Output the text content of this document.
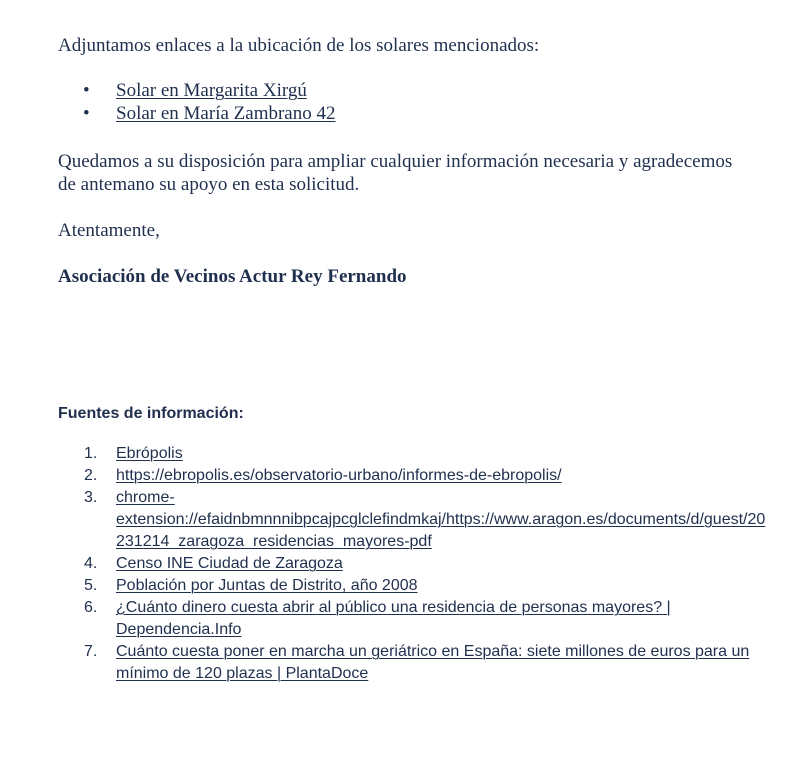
Adjuntamos enlaces a la ubicación de los solares mencionados:

• Solar en Margarita Xirgú
• Solar en María Zambrano 42

Quedamos a su disposición para ampliar cualquier información necesaria y agradecemos de antemano su apoyo en esta solicitud.

Atentamente,

Asociación de Vecinos Actur Rey Fernando

Fuentes de información:

1. Ebrópolis
2. https://ebropolis.es/observatorio-urbano/informes-de-ebropolis/
3. chrome-extension://efaidnbmnnnibpcajpcglclefindmkaj/https://www.aragon.es/documents/d/guest/20231214_zaragoza_residencias_mayores-pdf
4. Censo INE Ciudad de Zaragoza
5. Población por Juntas de Distrito, año 2008
6. ¿Cuánto dinero cuesta abrir al público una residencia de personas mayores? | Dependencia.Info
7. Cuánto cuesta poner en marcha un geriátrico en España: siete millones de euros para un mínimo de 120 plazas | PlantaDoce
